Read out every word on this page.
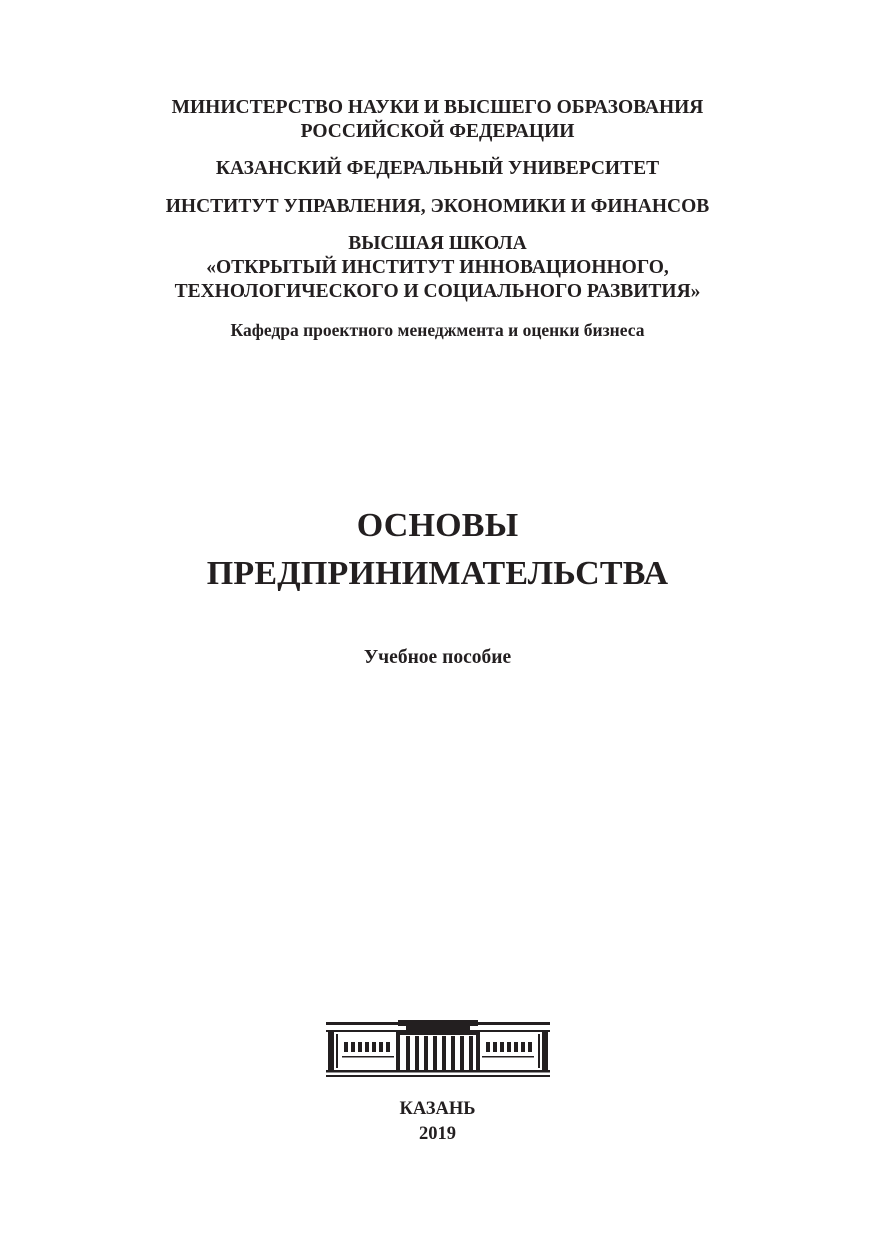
МИНИСТЕРСТВО НАУКИ И ВЫСШЕГО ОБРАЗОВАНИЯ
РОССИЙСКОЙ ФЕДЕРАЦИИ
КАЗАНСКИЙ ФЕДЕРАЛЬНЫЙ УНИВЕРСИТЕТ
ИНСТИТУТ УПРАВЛЕНИЯ, ЭКОНОМИКИ И ФИНАНСОВ
ВЫСШАЯ ШКОЛА
«ОТКРЫТЫЙ ИНСТИТУТ ИННОВАЦИОННОГО,
ТЕХНОЛОГИЧЕСКОГО И СОЦИАЛЬНОГО РАЗВИТИЯ»
Кафедра проектного менеджмента и оценки бизнеса
ОСНОВЫ
ПРЕДПРИНИМАТЕЛЬСТВА
Учебное пособие
КАЗАНЬ
2019
